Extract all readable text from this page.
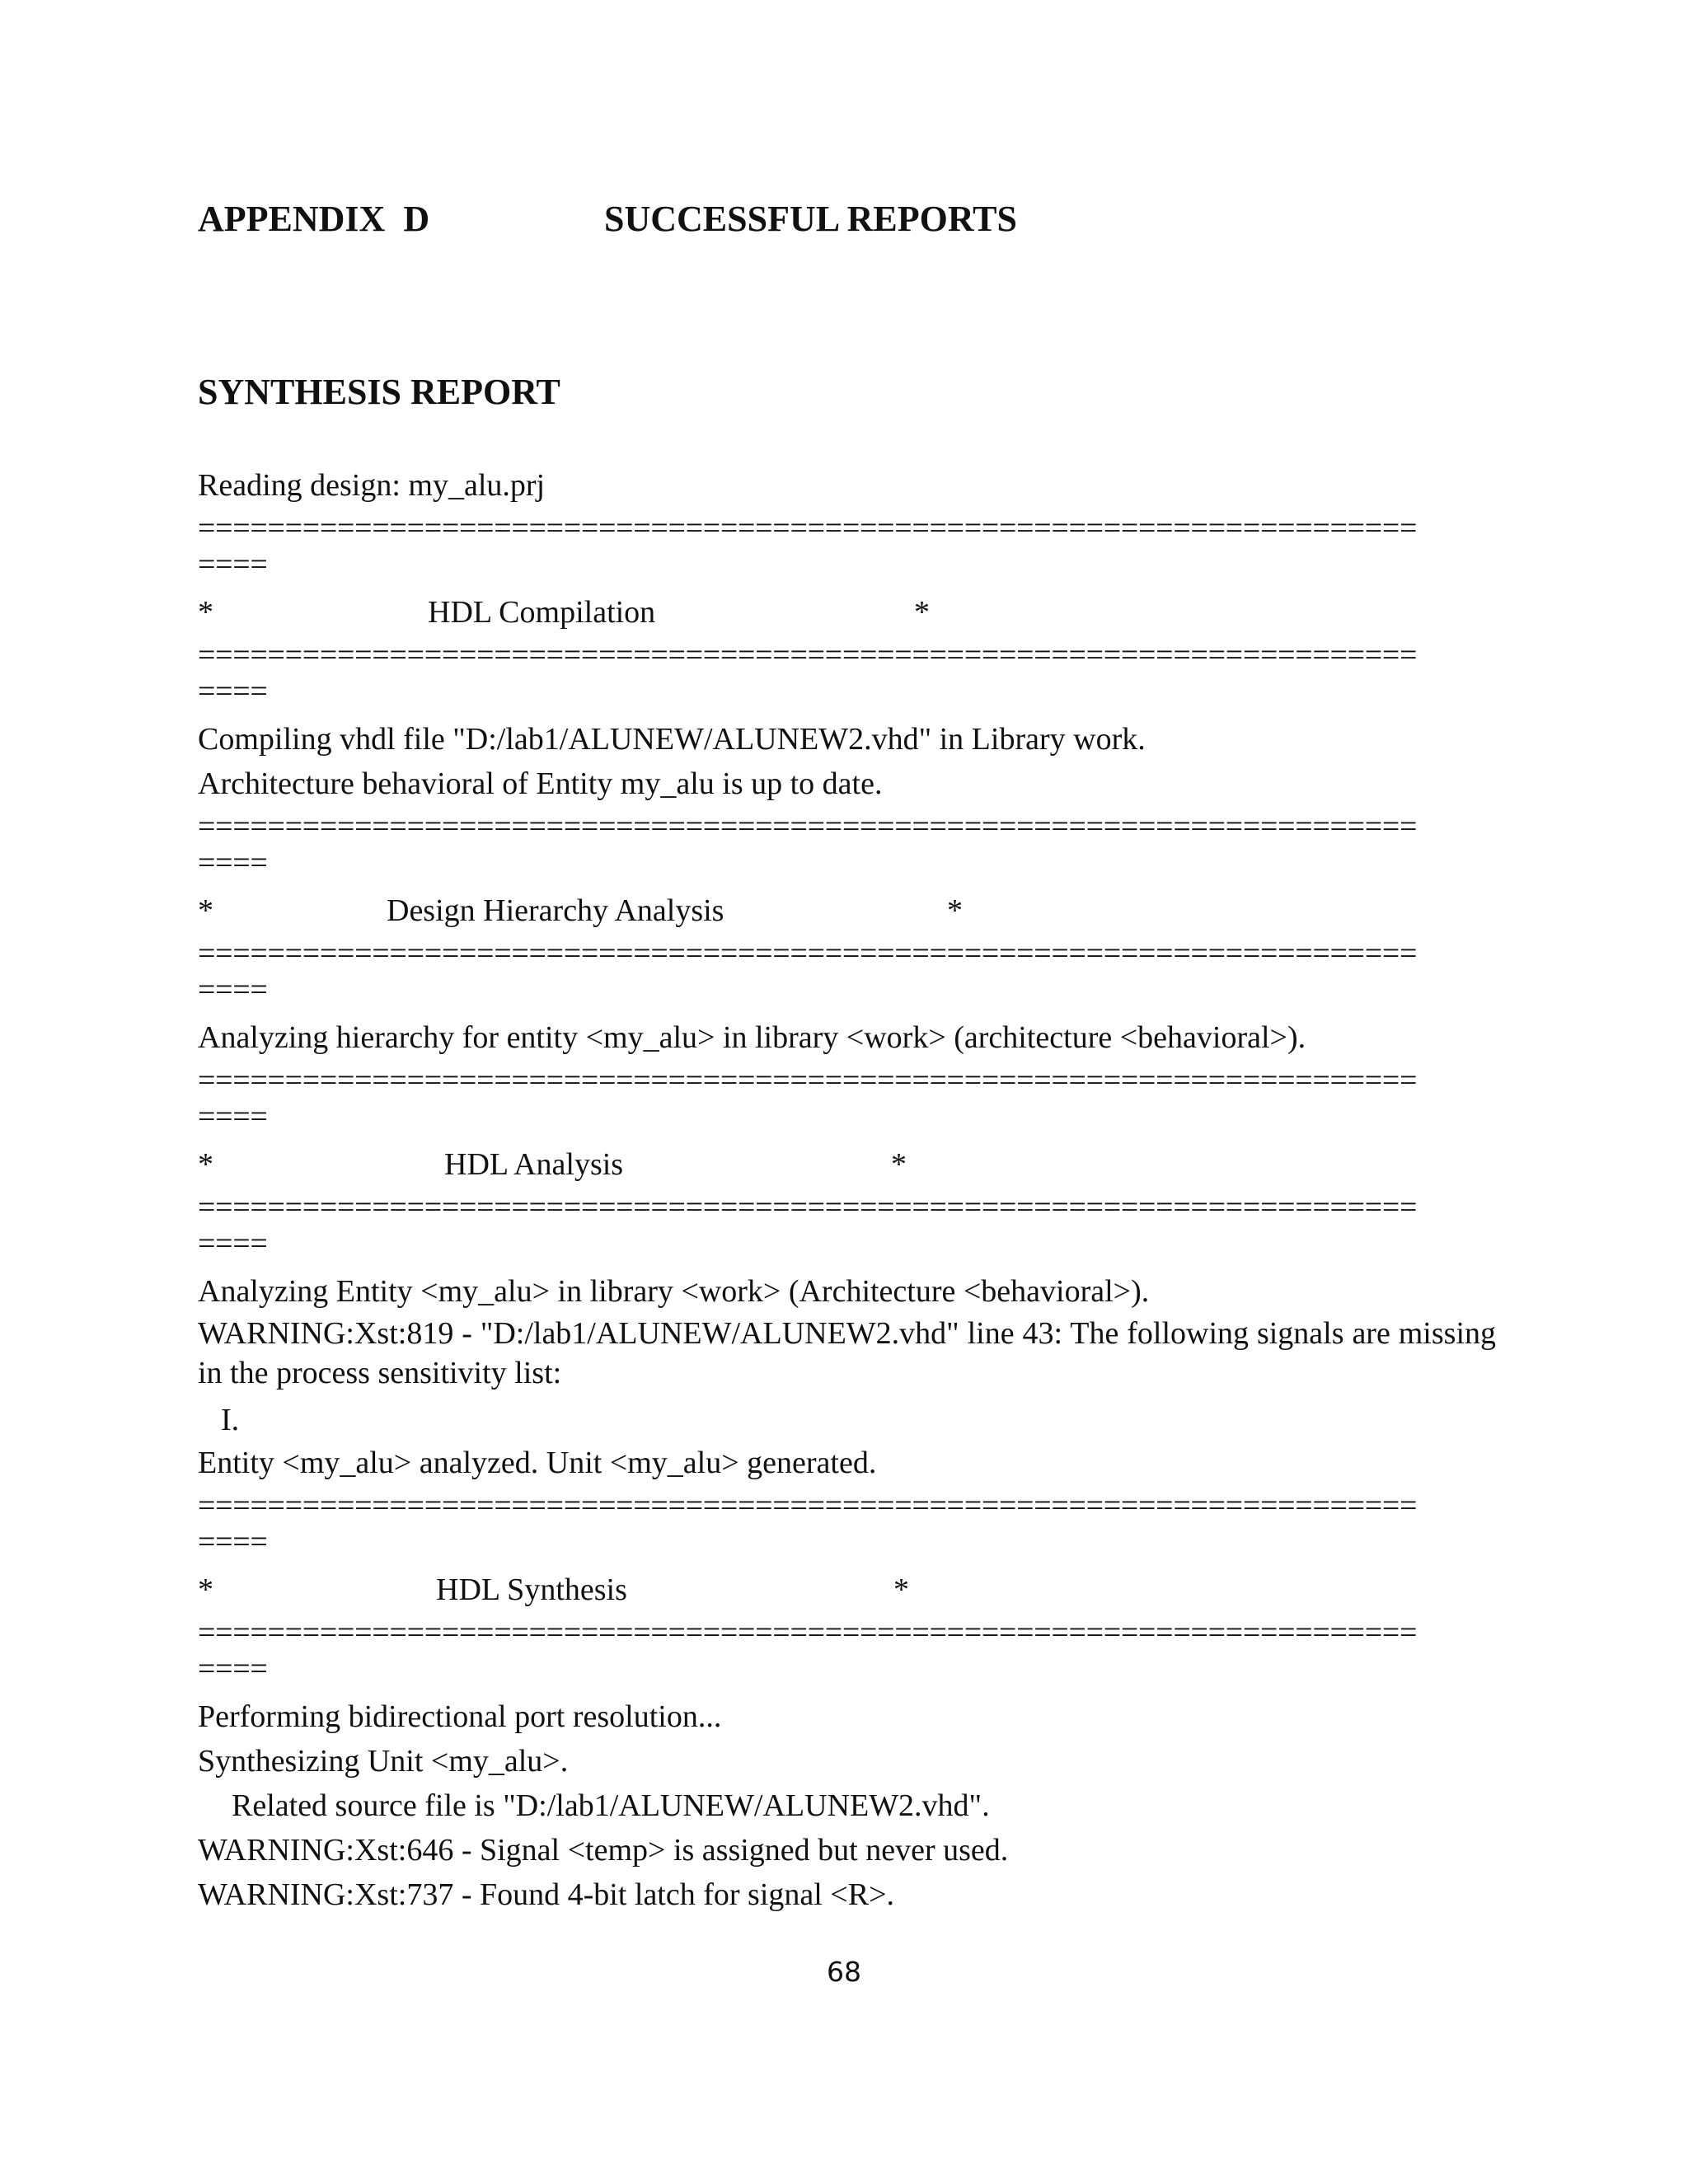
APPENDIX  D	SUCCESSFUL REPORTS
SYNTHESIS REPORT
Reading design: my_alu.prj
======================================================================
====
*	HDL Compilation	*
======================================================================
====
Compiling vhdl file "D:/lab1/ALUNEW/ALUNEW2.vhd" in Library work.
Architecture behavioral of Entity my_alu is up to date.
======================================================================
====
*	Design Hierarchy Analysis	*
======================================================================
====
Analyzing hierarchy for entity <my_alu> in library <work> (architecture <behavioral>).
======================================================================
====
*	HDL Analysis	*
======================================================================
====
Analyzing Entity <my_alu> in library <work> (Architecture <behavioral>).
WARNING:Xst:819 - "D:/lab1/ALUNEW/ALUNEW2.vhd" line 43: The following signals are missing in the process sensitivity list:
I.
Entity <my_alu> analyzed. Unit <my_alu> generated.
======================================================================
====
*	HDL Synthesis	*
======================================================================
====
Performing bidirectional port resolution...
Synthesizing Unit <my_alu>.
Related source file is "D:/lab1/ALUNEW/ALUNEW2.vhd".
WARNING:Xst:646 - Signal <temp> is assigned but never used.
WARNING:Xst:737 - Found 4-bit latch for signal <R>.
68
